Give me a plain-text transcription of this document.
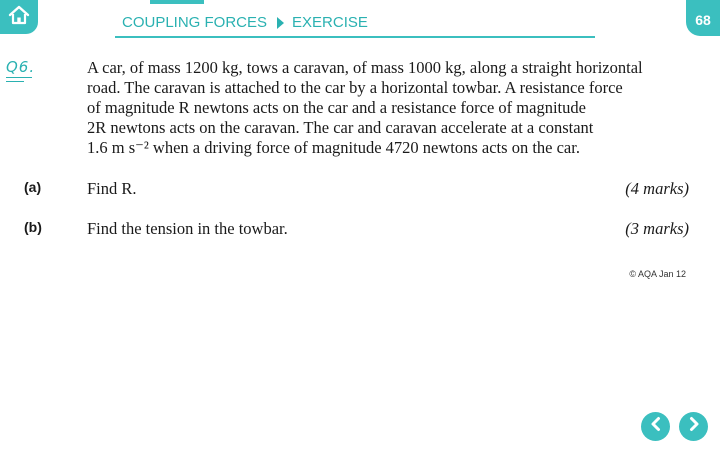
COUPLING FORCES EXERCISE	68
Q6.	A car, of mass 1200 kg, tows a caravan, of mass 1000 kg, along a straight horizontal
road. The caravan is attached to the car by a horizontal towbar. A resistance force
of magnitude R newtons acts on the car and a resistance force of magnitude
2R newtons acts on the caravan. The car and caravan accelerate at a constant
1.6 m s⁻² when a driving force of magnitude 4720 newtons acts on the car.
(a)	Find R.	(4 marks)
(b)	Find the tension in the towbar.	(3 marks)
© AQA Jan 12
